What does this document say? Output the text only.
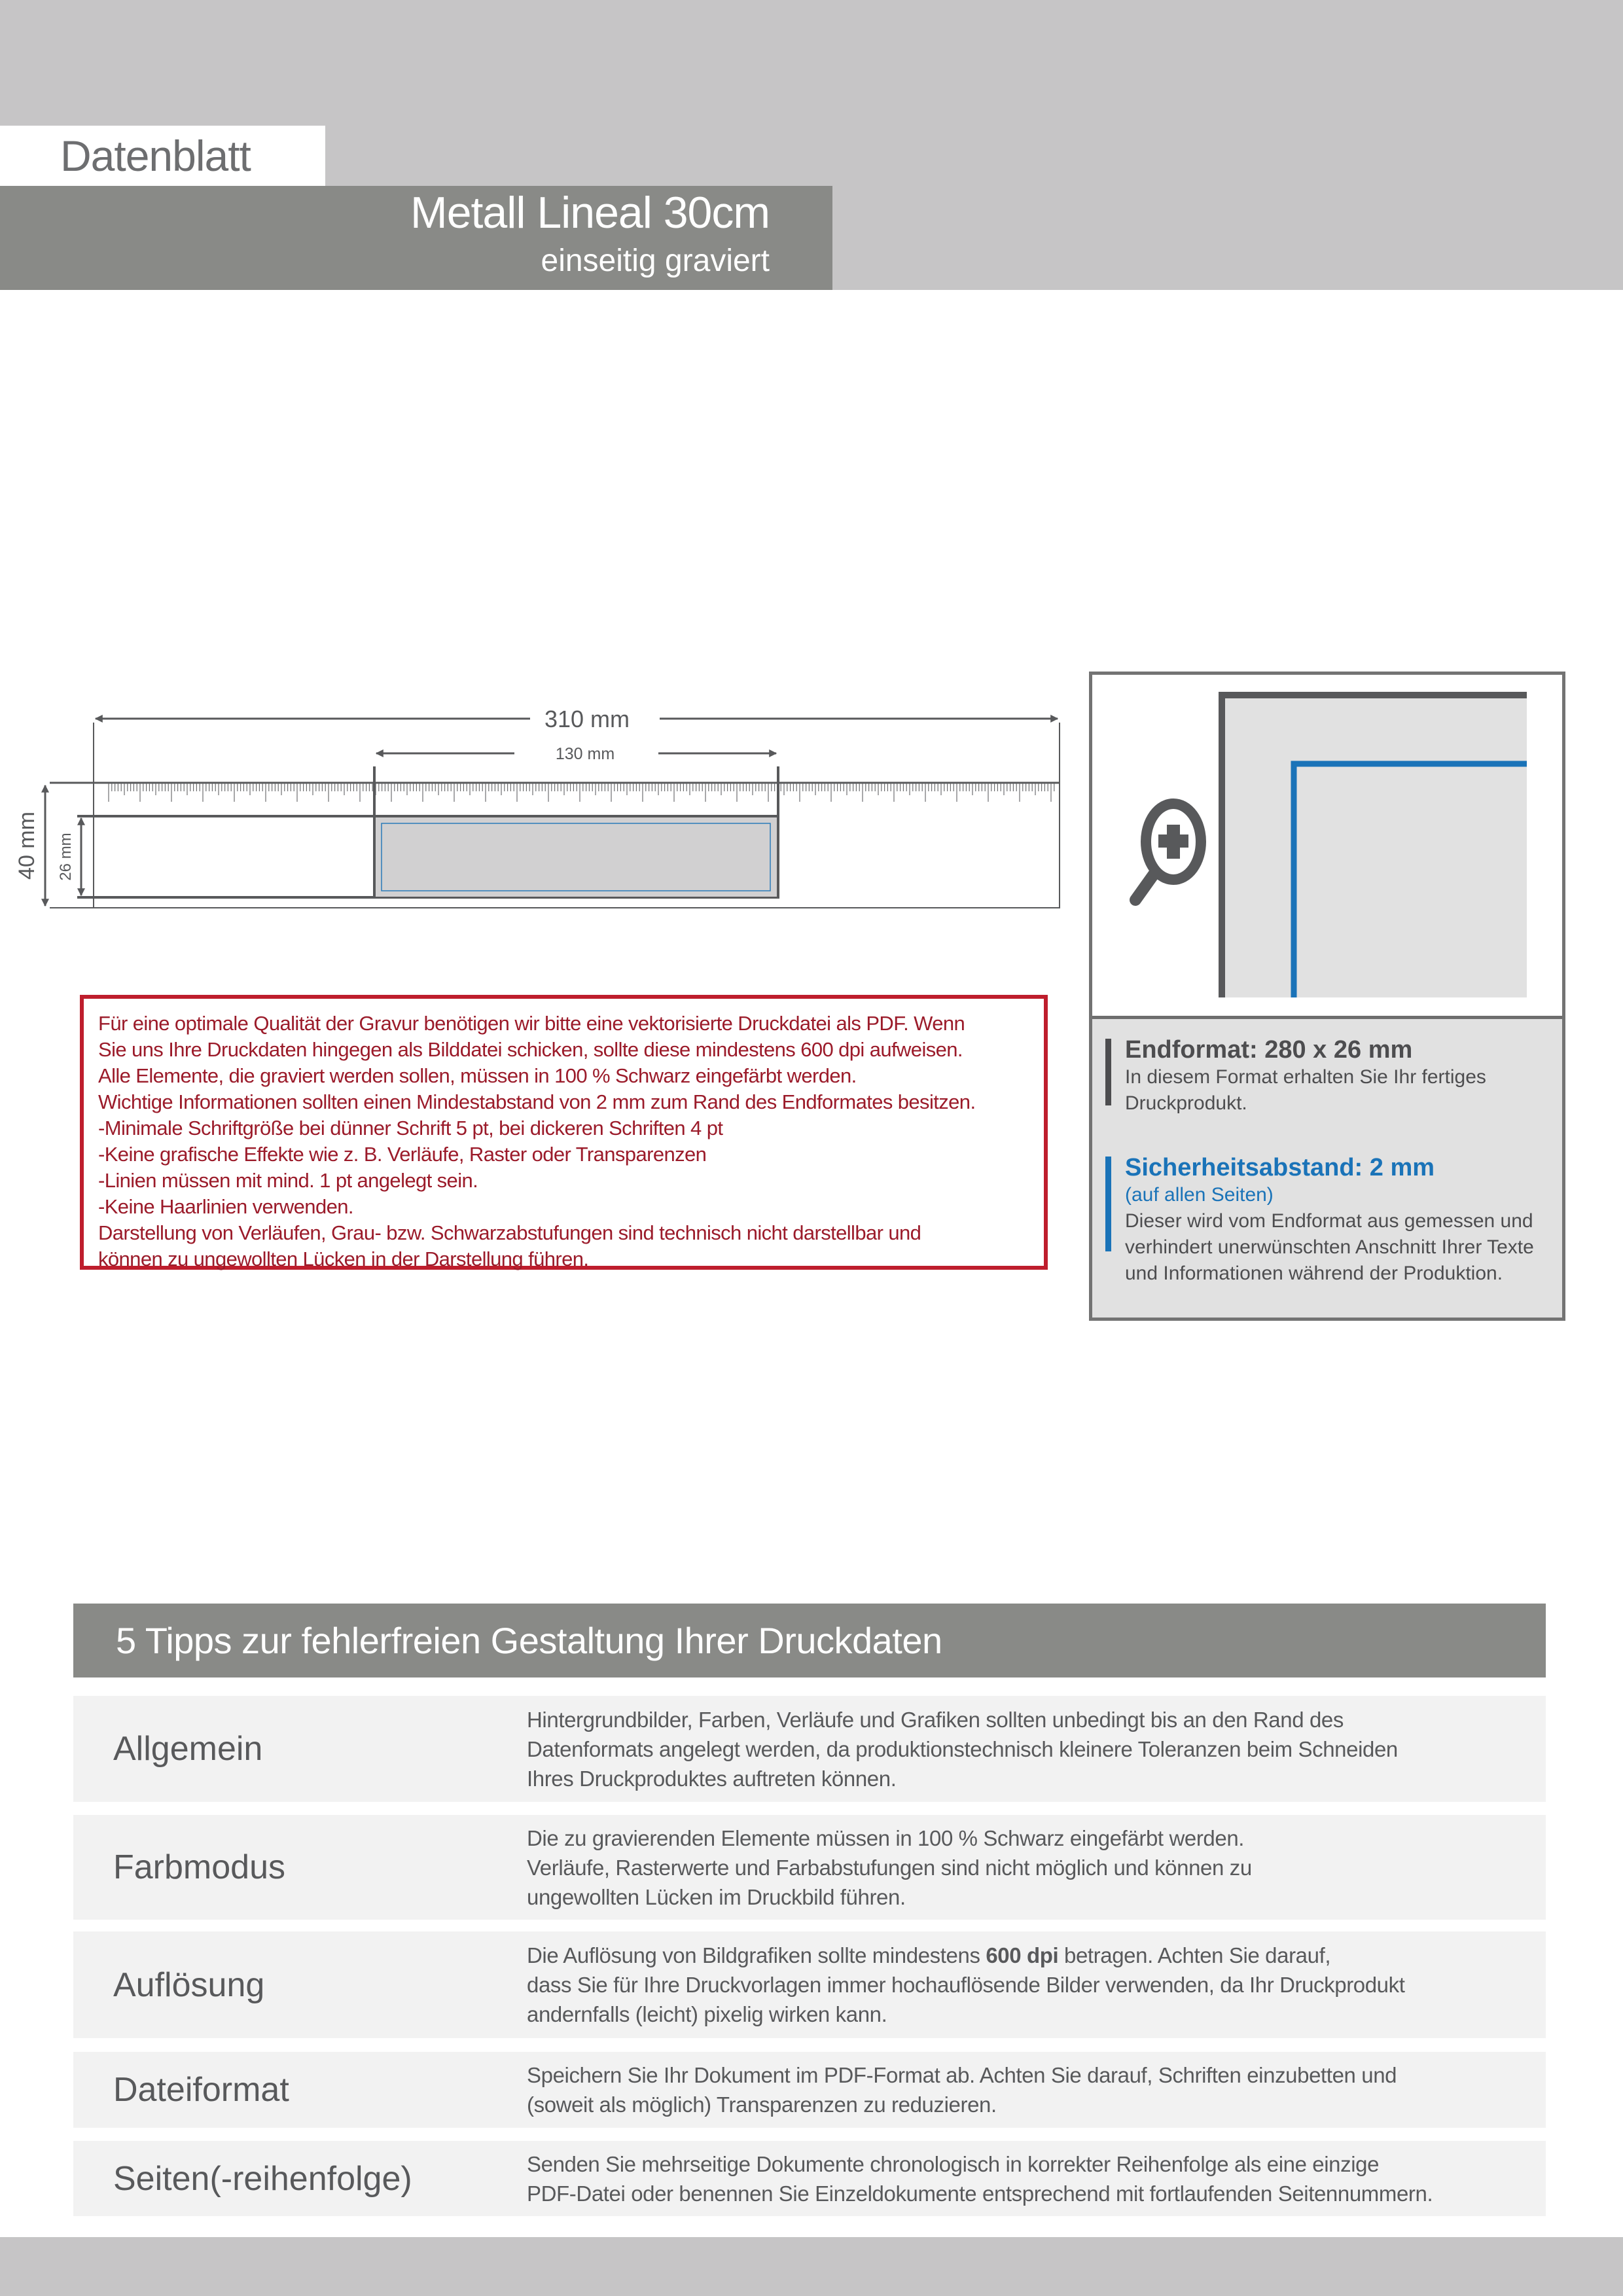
Datenblatt
Metall Lineal 30cm
einseitig graviert
310 mm
130 mm
40 mm 26 mm
Für eine optimale Qualität der Gravur benötigen wir bitte eine vektorisierte Druckdatei als PDF. Wenn
Sie uns Ihre Druckdaten hingegen als Bilddatei schicken, sollte diese mindestens 600 dpi aufweisen.
Alle Elemente, die graviert werden sollen, müssen in 100 % Schwarz eingefärbt werden.
Wichtige Informationen sollten einen Mindestabstand von 2 mm zum Rand des Endformates besitzen.
-Minimale Schriftgröße bei dünner Schrift 5 pt, bei dickeren Schriften 4 pt
-Keine grafische Effekte wie z. B. Verläufe, Raster oder Transparenzen
-Linien müssen mit mind. 1 pt angelegt sein.
-Keine Haarlinien verwenden.
Darstellung von Verläufen, Grau- bzw. Schwarzabstufungen sind technisch nicht darstellbar und
können zu ungewollten Lücken in der Darstellung führen.
Endformat: 280 x 26 mm
In diesem Format erhalten Sie Ihr fertiges Druckprodukt.
Sicherheitsabstand: 2 mm
(auf allen Seiten)
Dieser wird vom Endformat aus gemessen und verhindert unerwünschten Anschnitt Ihrer Texte und Informationen während der Produktion.
5 Tipps zur fehlerfreien Gestaltung Ihrer Druckdaten
Allgemein
Hintergrundbilder, Farben, Verläufe und Grafiken sollten unbedingt bis an den Rand des
Datenformats angelegt werden, da produktionstechnisch kleinere Toleranzen beim Schneiden
Ihres Druckproduktes auftreten können.
Farbmodus
Die zu gravierenden Elemente müssen in 100 % Schwarz eingefärbt werden.
Verläufe, Rasterwerte und Farbabstufungen sind nicht möglich und können zu
ungewollten Lücken im Druckbild führen.
Auflösung
Die Auflösung von Bildgrafiken sollte mindestens 600 dpi betragen. Achten Sie darauf,
dass Sie für Ihre Druckvorlagen immer hochauflösende Bilder verwenden, da Ihr Druckprodukt
andernfalls (leicht) pixelig wirken kann.
Dateiformat	Speichern Sie Ihr Dokument im PDF-Format ab. Achten Sie darauf, Schriften einzubetten und
(soweit als möglich) Transparenzen zu reduzieren.
Seiten(-reihenfolge)	Senden Sie mehrseitige Dokumente chronologisch in korrekter Reihenfolge als eine einzige
PDF-Datei oder benennen Sie Einzeldokumente entsprechend mit fortlaufenden Seitennummern.
